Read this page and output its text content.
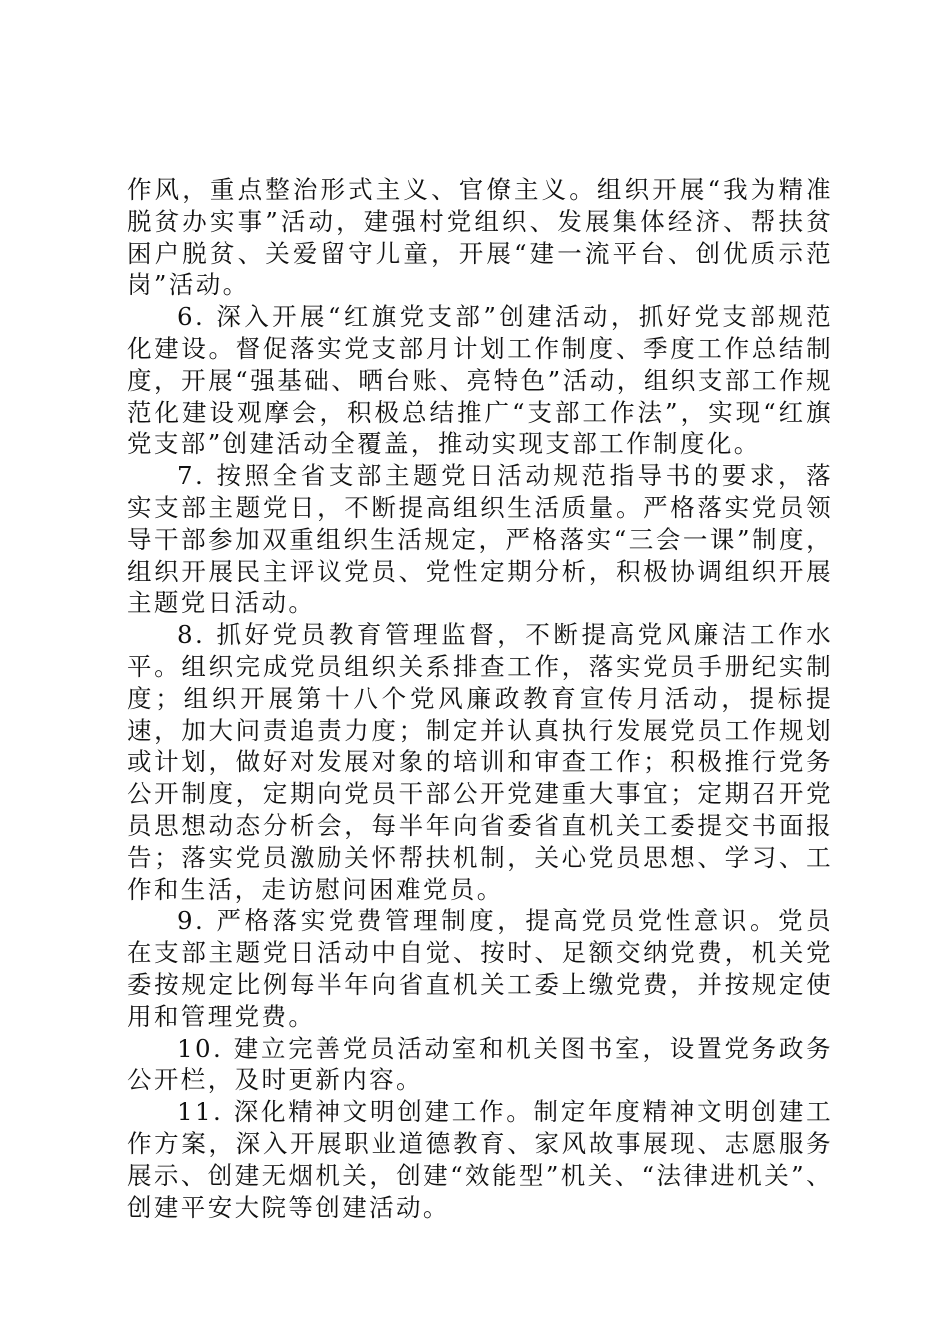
作风，重点整治形式主义、官僚主义。组织开展“我为精准脱贫办实事”活动，建强村党组织、发展集体经济、帮扶贫困户脱贫、关爱留守儿童，开展“建一流平台、创优质示范岗”活动。

6. 深入开展“红旗党支部”创建活动，抓好党支部规范化建设。督促落实党支部月计划工作制度、季度工作总结制度，开展“强基础、晒台账、亮特色”活动，组织支部工作规范化建设观摩会，积极总结推广“支部工作法”，实现“红旗党支部”创建活动全覆盖，推动实现支部工作制度化。

7. 按照全省支部主题党日活动规范指导书的要求，落实支部主题党日，不断提高组织生活质量。严格落实党员领导干部参加双重组织生活规定，严格落实“三会一课”制度，组织开展民主评议党员、党性定期分析，积极协调组织开展主题党日活动。

8. 抓好党员教育管理监督，不断提高党风廉洁工作水平。组织完成党员组织关系排查工作，落实党员手册纪实制度；组织开展第十八个党风廉政教育宣传月活动，提标提速，加大问责追责力度；制定并认真执行发展党员工作规划或计划，做好对发展对象的培训和审查工作；积极推行党务公开制度，定期向党员干部公开党建重大事宜；定期召开党员思想动态分析会，每半年向省委省直机关工委提交书面报告；落实党员激励关怀帮扶机制，关心党员思想、学习、工作和生活，走访慰问困难党员。

9. 严格落实党费管理制度，提高党员党性意识。党员在支部主题党日活动中自觉、按时、足额交纳党费，机关党委按规定比例每半年向省直机关工委上缴党费，并按规定使用和管理党费。

10. 建立完善党员活动室和机关图书室，设置党务政务公开栏，及时更新内容。

11. 深化精神文明创建工作。制定年度精神文明创建工作方案，深入开展职业道德教育、家风故事展现、志愿服务展示、创建无烟机关，创建“效能型”机关、“法律进机关”、创建平安大院等创建活动。
